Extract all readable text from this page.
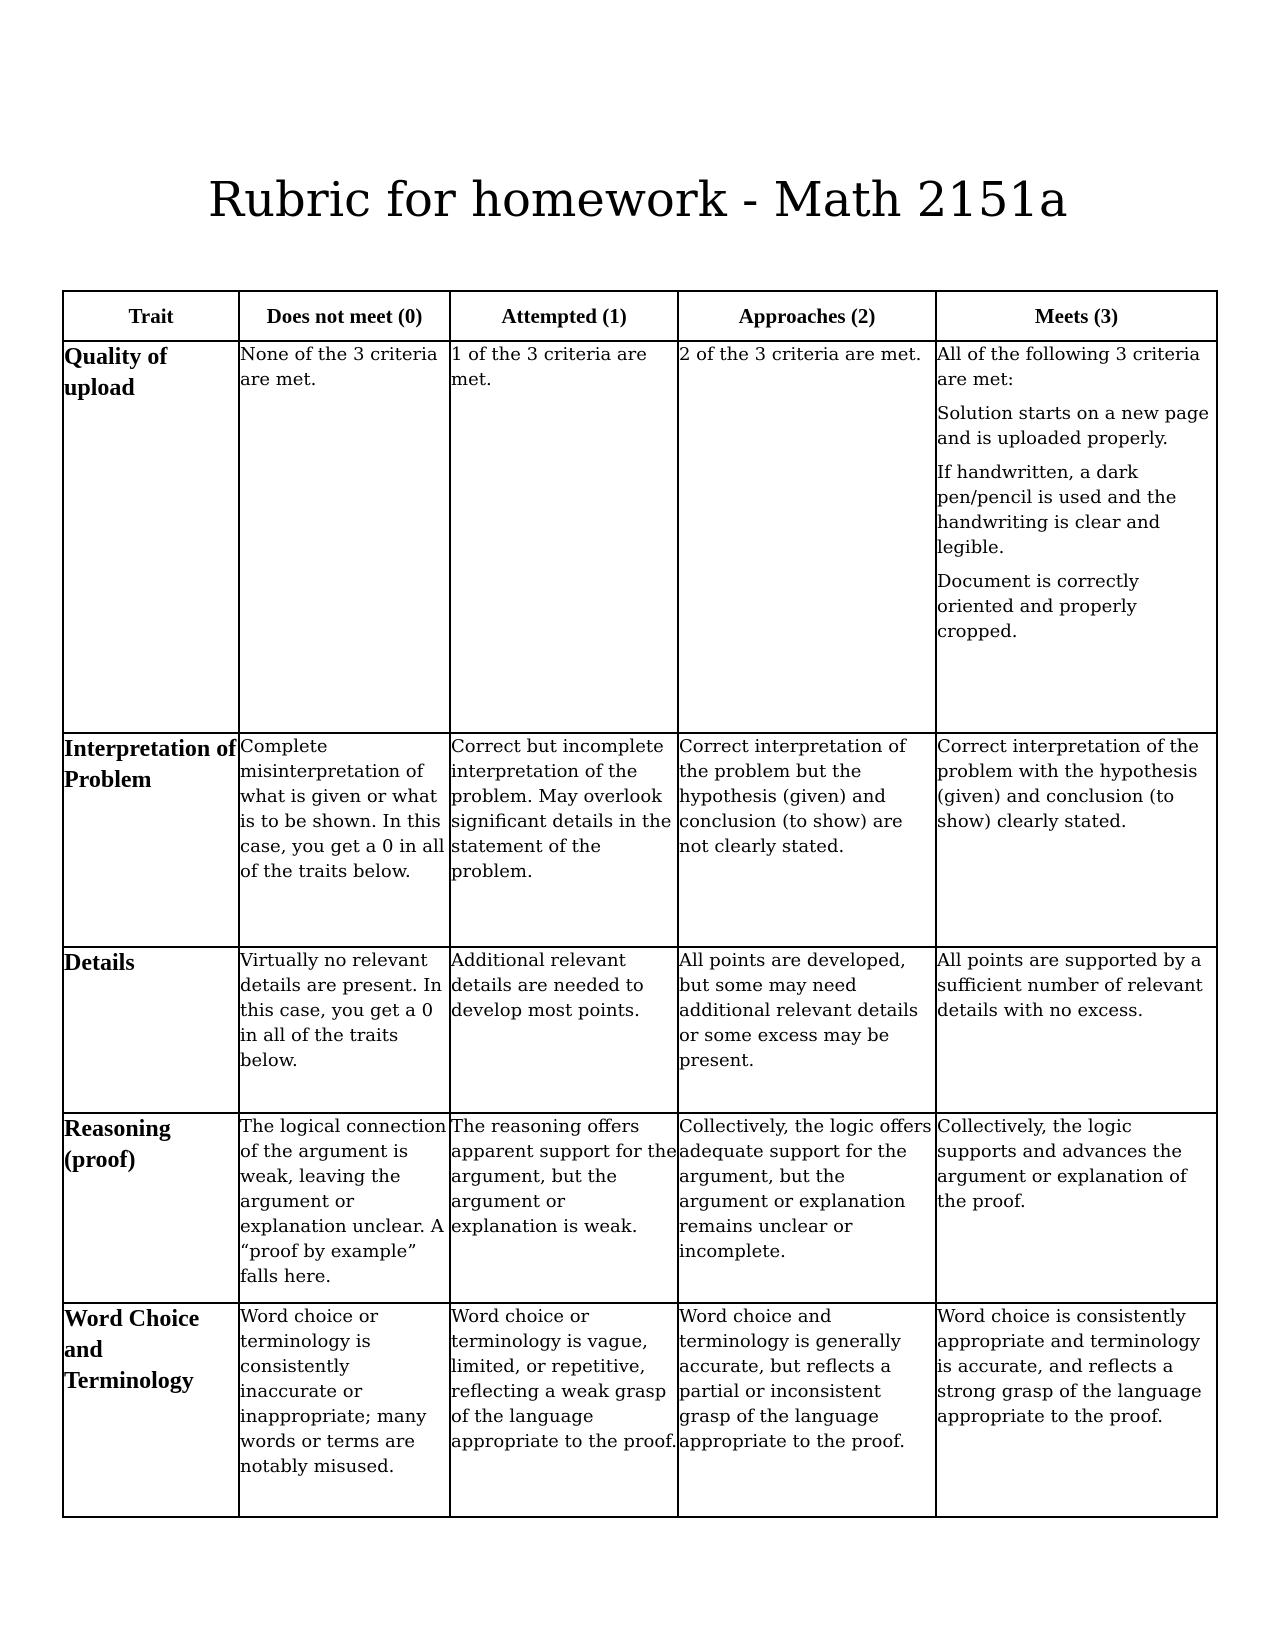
Rubric for homework - Math 2151a
Trait	Does not meet (0)	Attempted (1)	Approaches (2)	Meets (3)
Quality of upload	None of the 3 criteria are met.	1 of the 3 criteria are met.	2 of the 3 criteria are met.	All of the following 3 criteria are met:

Solution starts on a new page and is uploaded properly.

If handwritten, a dark pen/pencil is used and the handwriting is clear and legible.

Document is correctly oriented and properly cropped.

Interpretation of Problem	Complete misinterpretation of what is given or what is to be shown. In this case, you get a 0 in all of the traits below.	Correct but incomplete interpretation of the problem. May overlook significant details in the statement of the problem.	Correct interpretation of the problem but the hypothesis (given) and conclusion (to show) are not clearly stated.	Correct interpretation of the problem with the hypothesis (given) and conclusion (to show) clearly stated.
Details	Virtually no relevant details are present. In this case, you get a 0 in all of the traits below.	Additional relevant details are needed to develop most points.	All points are developed, but some may need additional relevant details or some excess may be present.	All points are supported by a sufficient number of relevant details with no excess.
Reasoning (proof)	The logical connection of the argument is weak, leaving the argument or explanation unclear. A “proof by example” falls here.	The reasoning offers apparent support for the argument, but the argument or explanation is weak.	Collectively, the logic offers adequate support for the argument, but the argument or explanation remains unclear or incomplete.	Collectively, the logic supports and advances the argument or explanation of the proof.
Word Choice and Terminology	Word choice or terminology is consistently inaccurate or inappropriate; many words or terms are notably misused.	Word choice or terminology is vague, limited, or repetitive, reflecting a weak grasp of the language appropriate to the proof.	Word choice and terminology is generally accurate, but reflects a partial or inconsistent grasp of the language appropriate to the proof.	Word choice is consistently appropriate and terminology is accurate, and reflects a strong grasp of the language appropriate to the proof.
